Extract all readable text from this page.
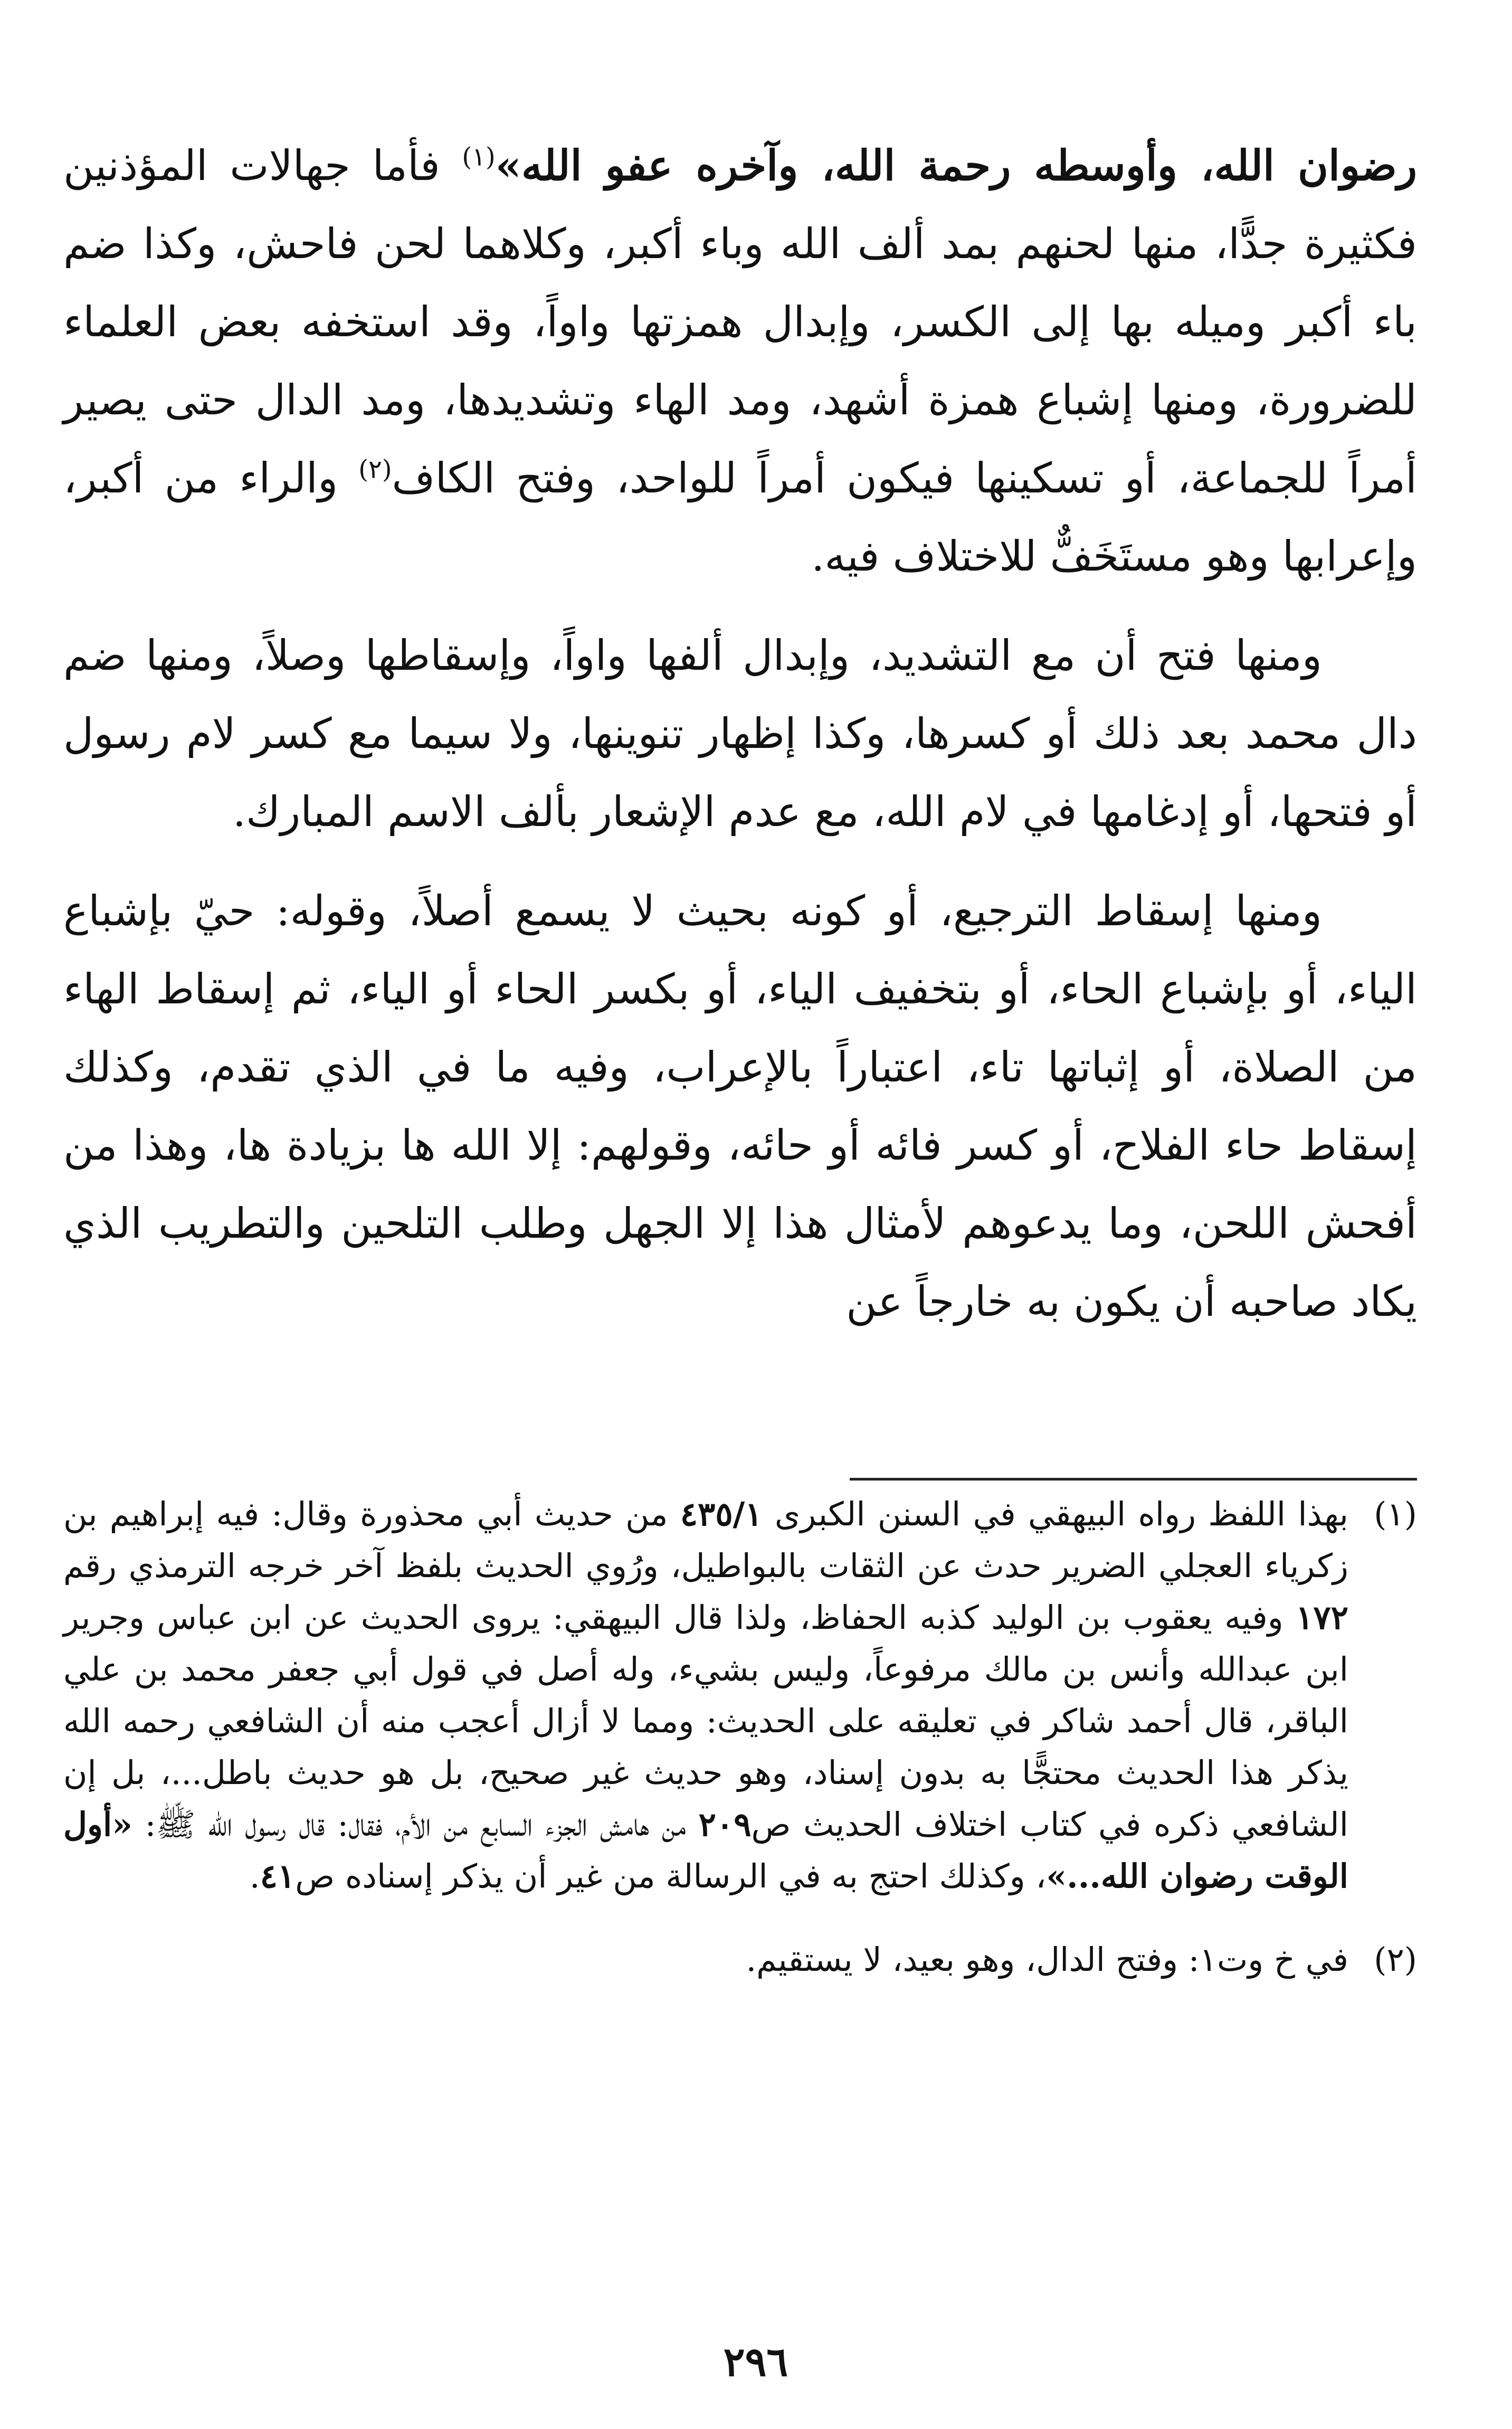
رضوان الله، وأوسطه رحمة الله، وآخره عفو الله»$^{(١)}$ فأما جهالات المؤذنين فكثيرة جدًّا، منها لحنهم بمد ألف الله وباء أكبر، وكلاهما لحن فاحش، وكذا ضم باء أكبر وميله بها إلى الكسر، وإبدال همزتها واواً، وقد استخفه بعض العلماء للضرورة، ومنها إشباع همزة أشهد، ومد الهاء وتشديدها، ومد الدال حتى يصير أمراً للجماعة، أو تسكينها فيكون أمراً للواحد، وفتح الكاف$^{(٢)}$ والراء من أكبر، وإعرابها وهو مستَخَفٌّ للاختلاف فيه.

ومنها فتح أن مع التشديد، وإبدال ألفها واواً، وإسقاطها وصلاً، ومنها ضم دال محمد بعد ذلك أو كسرها، وكذا إظهار تنوينها، ولا سيما مع كسر لام رسول أو فتحها، أو إدغامها في لام الله، مع عدم الإشعار بألف الاسم المبارك.

ومنها إسقاط الترجيع، أو كونه بحيث لا يسمع أصلاً، وقوله: حيّ بإشباع الياء، أو بإشباع الحاء، أو بتخفيف الياء، أو بكسر الحاء أو الياء، ثم إسقاط الهاء من الصلاة، أو إثباتها تاء، اعتباراً بالإعراب، وفيه ما في الذي تقدم، وكذلك إسقاط حاء الفلاح، أو كسر فائه أو حائه، وقولهم: إلا الله ها بزيادة ها، وهذا من أفحش اللحن، وما يدعوهم لأمثال هذا إلا الجهل وطلب التلحين والتطريب الذي يكاد صاحبه أن يكون به خارجاً عن

(١)
بهذا اللفظ رواه البيهقي في السنن الكبرى ٤٣٥/١ من حديث أبي محذورة وقال: فيه إبراهيم بن زكرياء العجلي الضرير حدث عن الثقات بالبواطيل، ورُوي الحديث بلفظ آخر خرجه الترمذي رقم ١٧٢ وفيه يعقوب بن الوليد كذبه الحفاظ، ولذا قال البيهقي: يروى الحديث عن ابن عباس وجرير ابن عبدالله وأنس بن مالك مرفوعاً، وليس بشيء، وله أصل في قول أبي جعفر محمد بن علي الباقر، قال أحمد شاكر في تعليقه على الحديث: ومما لا أزال أعجب منه أن الشافعي رحمه الله يذكر هذا الحديث محتجًّا به بدون إسناد، وهو حديث غير صحيح، بل هو حديث باطل...، بل إن الشافعي ذكره في كتاب اختلاف الحديث ص٢٠٩ من هامش الجزء السابع من الأم، فقال: قال رسول الله ﷺ: «أول الوقت رضوان الله...»، وكذلك احتج به في الرسالة من غير أن يذكر إسناده ص٤١.
(٢)
في خ وت١: وفتح الدال، وهو بعيد، لا يستقيم.
٢٩٦
